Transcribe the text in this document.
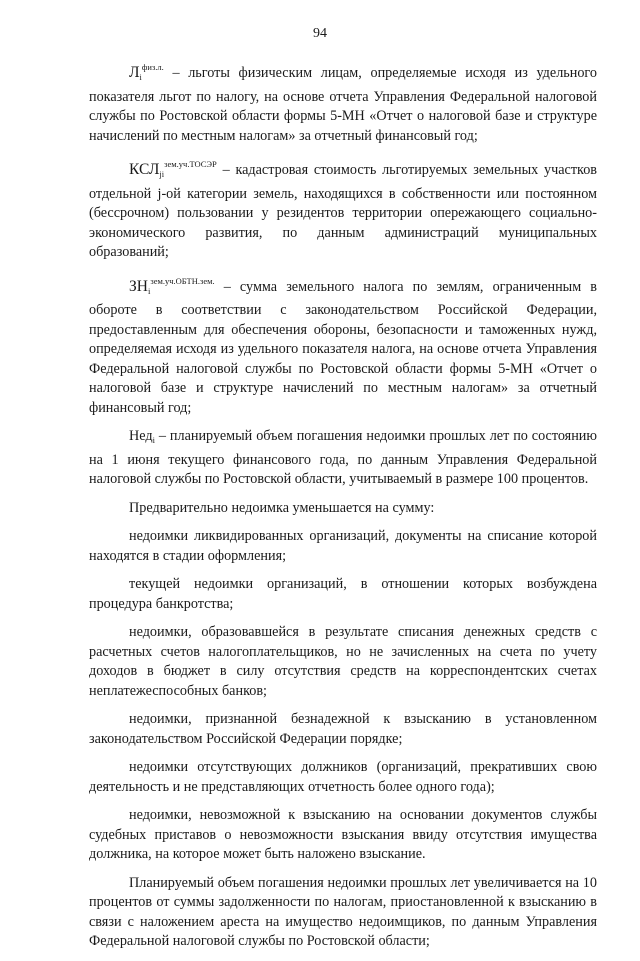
94

$Л_i^{физ.л.}$ – льготы физическим лицам, определяемые исходя из удельного показателя льгот по налогу, на основе отчета Управления Федеральной налоговой службы по Ростовской области формы 5-МН «Отчет о налоговой базе и структуре начислений по местным налогам» за отчетный финансовый год;

$КСЛ_{ji}^{зем.уч.ТОСЭР}$ – кадастровая стоимость льготируемых земельных участков отдельной j-ой категории земель, находящихся в собственности или постоянном (бессрочном) пользовании у резидентов территории опережающего социально-экономического развития, по данным администраций муниципальных образований;

$ЗН_i^{зем.уч.ОБТН.зем.}$ – сумма земельного налога по землям, ограниченным в обороте в соответствии с законодательством Российской Федерации, предоставленным для обеспечения обороны, безопасности и таможенных нужд, определяемая исходя из удельного показателя налога, на основе отчета Управления Федеральной налоговой службы по Ростовской области формы 5-МН «Отчет о налоговой базе и структуре начислений по местным налогам» за отчетный финансовый год;

Нед$_i$ – планируемый объем погашения недоимки прошлых лет по состоянию на 1 июня текущего финансового года, по данным Управления Федеральной налоговой службы по Ростовской области, учитываемый в размере 100 процентов.

Предварительно недоимка уменьшается на сумму:

недоимки ликвидированных организаций, документы на списание которой находятся в стадии оформления;

текущей недоимки организаций, в отношении которых возбуждена процедура банкротства;

недоимки, образовавшейся в результате списания денежных средств с расчетных счетов налогоплательщиков, но не зачисленных на счета по учету доходов в бюджет в силу отсутствия средств на корреспондентских счетах неплатежеспособных банков;

недоимки, признанной безнадежной к взысканию в установленном законодательством Российской Федерации порядке;

недоимки отсутствующих должников (организаций, прекративших свою деятельность и не представляющих отчетность более одного года);

недоимки, невозможной к взысканию на основании документов службы судебных приставов о невозможности взыскания ввиду отсутствия имущества должника, на которое может быть наложено взыскание.

Планируемый объем погашения недоимки прошлых лет увеличивается на 10 процентов от суммы задолженности по налогам, приостановленной к взысканию в связи с наложением ареста на имущество недоимщиков, по данным Управления Федеральной налоговой службы по Ростовской области;
